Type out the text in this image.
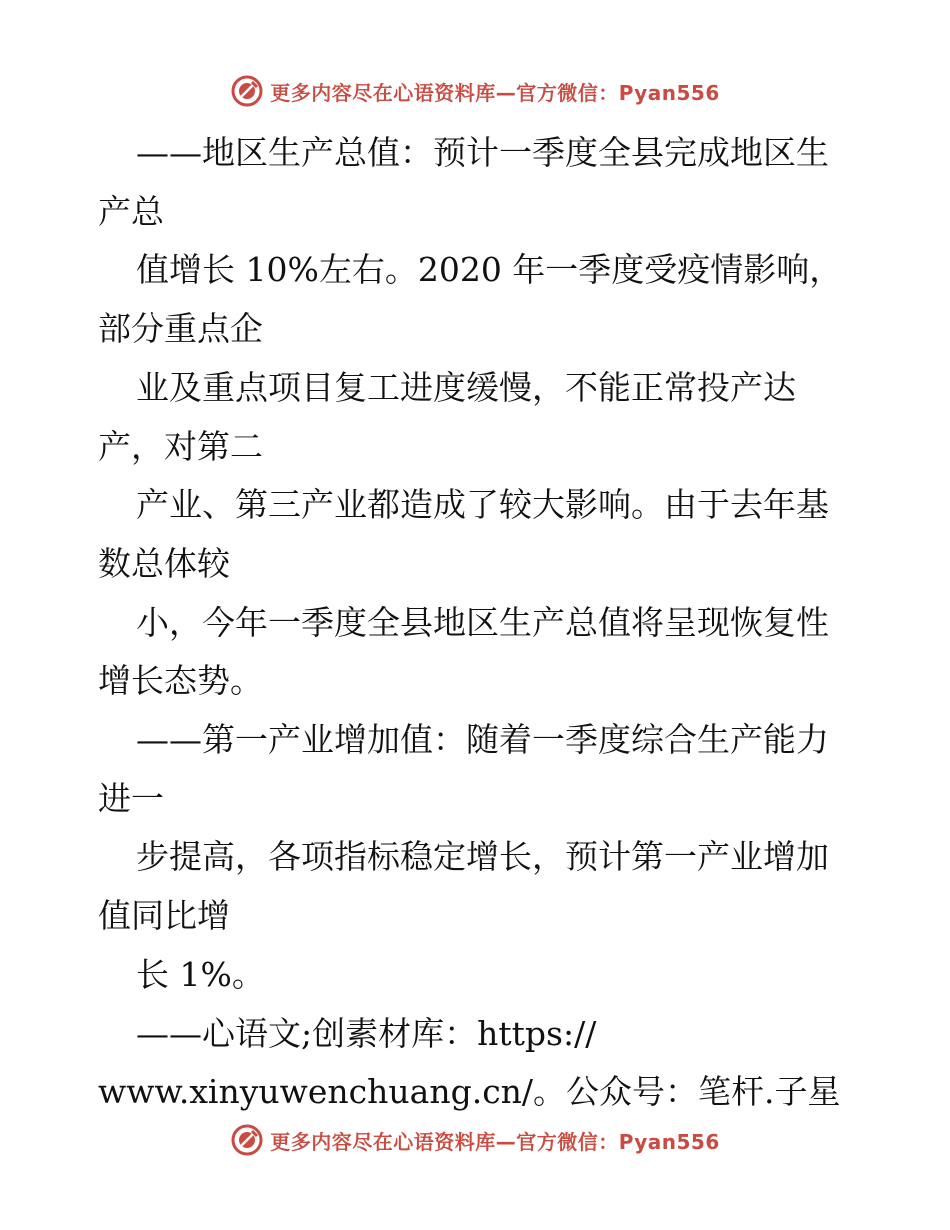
更多内容尽在心语资料库—官方微信：Pyan556

——地区生产总值：预计一季度全县完成地区生

产总

值增长 10%左右。2020 年一季度受疫情影响，

部分重点企

业及重点项目复工进度缓慢，不能正常投产达

产，对第二

产业、第三产业都造成了较大影响。由于去年基

数总体较

小，今年一季度全县地区生产总值将呈现恢复性

增长态势。

——第一产业增加值：随着一季度综合生产能力

进一

步提高，各项指标稳定增长，预计第一产业增加

值同比增

长 1%。

——心语文;创素材库：https://

www.xinyuwenchuang.cn/。公众号：笔杆.子星

更多内容尽在心语资料库—官方微信：Pyan556
